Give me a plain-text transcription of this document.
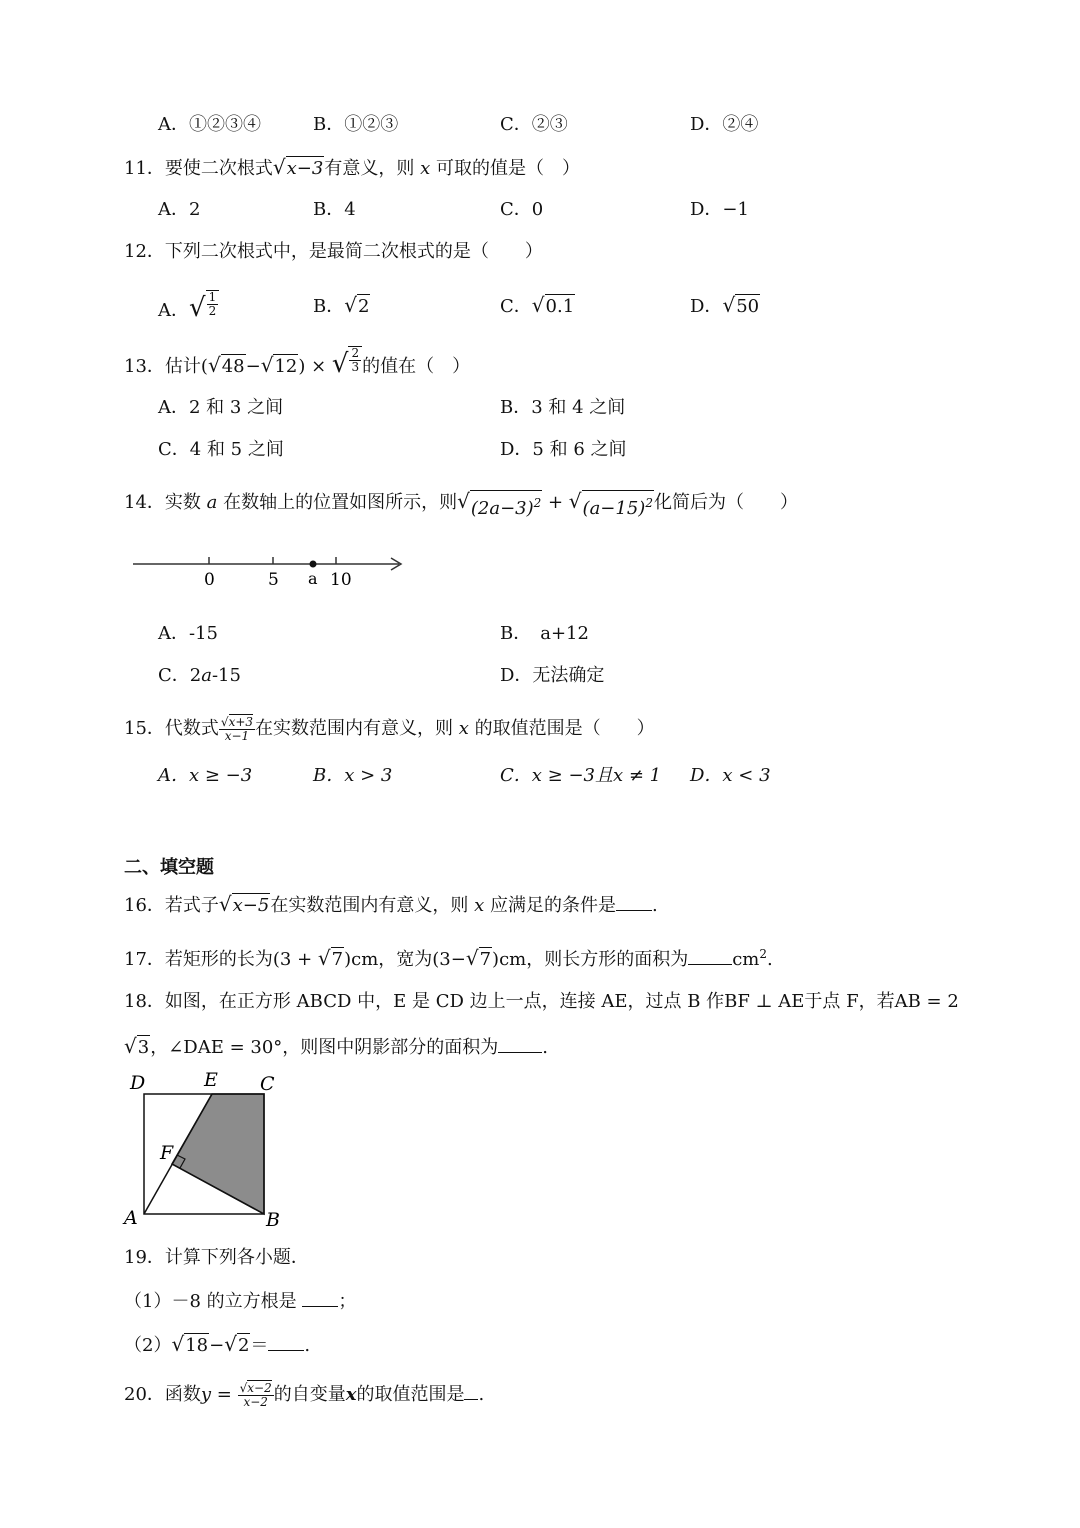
A．①②③④	B．①②③	C．②③	D．②④
11．要使二次根式 √ x−3 有意义，则 x 可取的值是（　）
A．2	B．4	C．0	D．−1
12．下列二次根式中，是最简二次根式的是（　　）
A． √ $\frac{1}{2}$	B． √ 2	C． √ 0.1	D． √ 50
13．估计( √ 48 − √ 12 ) × √ $\frac{2}{3}$ 的值在（　）
A．2 和 3 之间	B．3 和 4 之间
C．4 和 5 之间	D．5 和 6 之间
14．实数 a 在数轴上的位置如图所示，则 √ $(2a-3)^2$ + √ $(a-15)^2$ 化简后为（　　）
0	5 a 10
A．-15	B．　a+12
C．2a-15	D．无法确定
15．代数式 $\frac{√x+3}{x-1}$ 在实数范围内有意义，则 x 的取值范围是（　　）
A．x ≥ −3	B．x > 3	C．x ≥ −3且x ≠ 1 D．x < 3
二、填空题
16．若式子 √ x−5 在实数范围内有意义，则 x 应满足的条件是 .
17．若矩形的长为(3 + √ 7 )cm，宽为(3− √ 7 )cm，则长方形的面积为 $cm^2$.
18．如图，在正方形 ABCD 中，E 是 CD 边上一点，连接 AE，过点 B 作BF ⊥ AE于点 F，若AB = 2
√ 3 ，∠DAE = 30°，则图中阴影部分的面积为 .
D	E C
F
A	B
19．计算下列各小题．
（1）－8 的立方根是 ；
（2） √ 18 − √ 2 ＝ .
20．函数$y = \frac{√x-2}{x-2}$ 的自变量x的取值范围是 .
